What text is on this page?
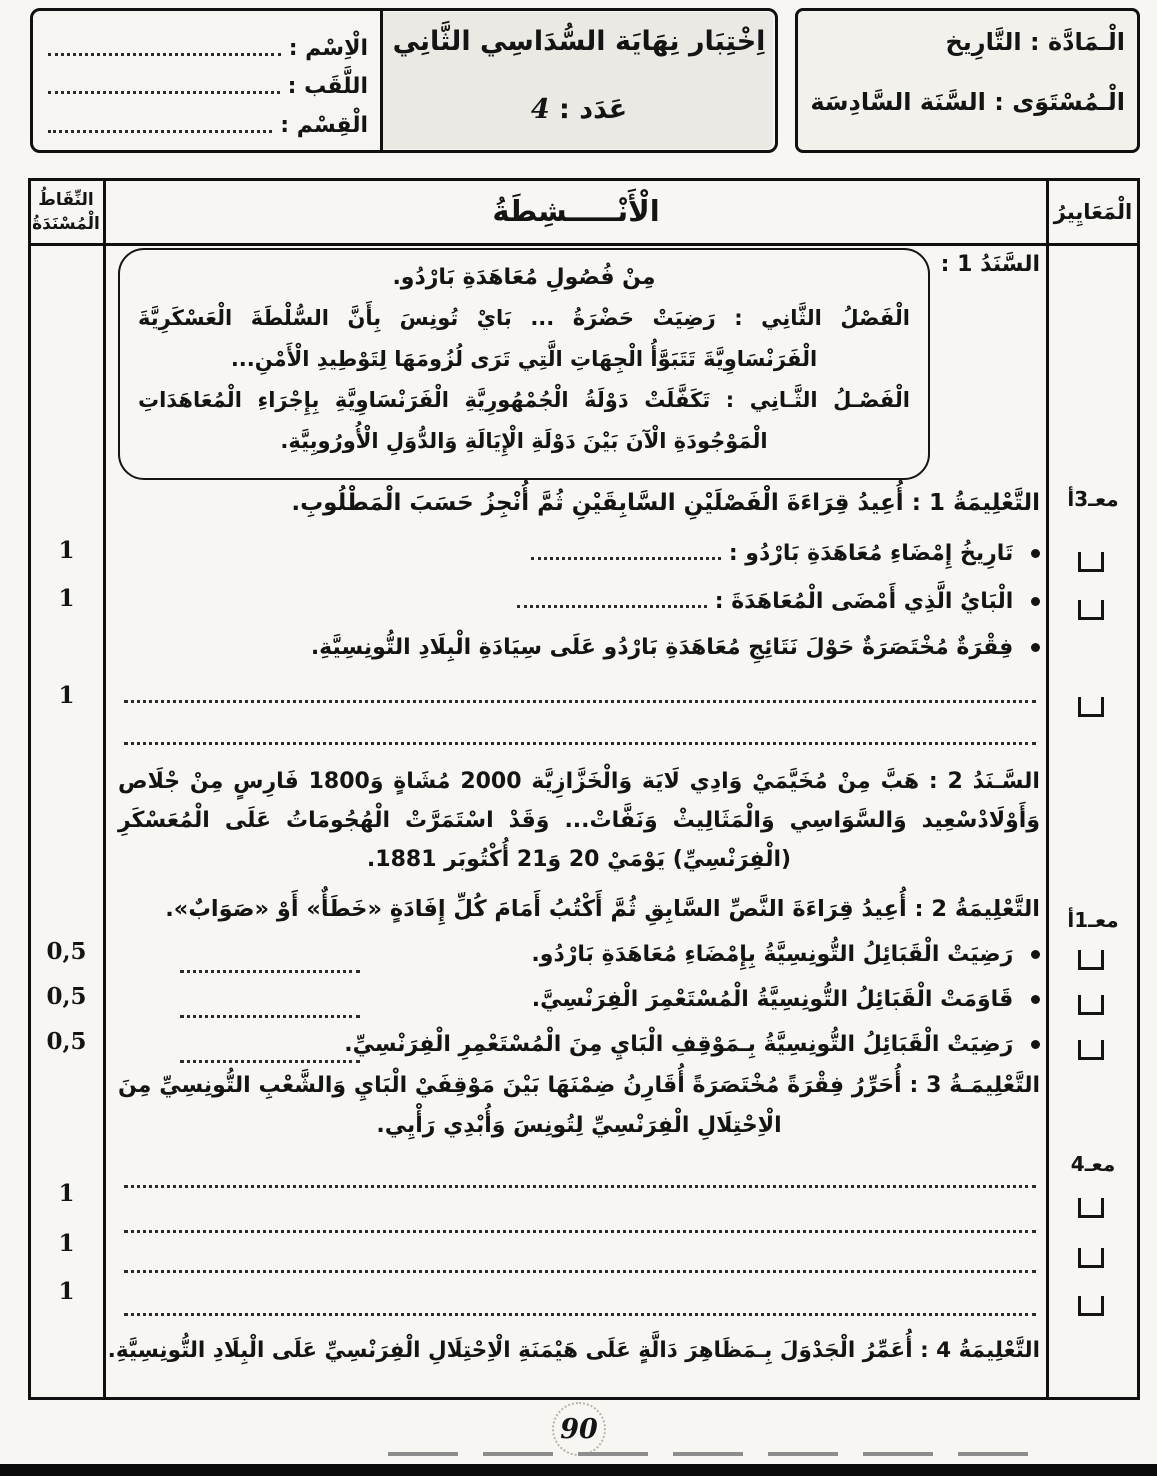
الْاِسْم :
اللَّقَب :
الْقِسْم :
اِخْتِبَار نِهَايَة السُّدَاسِي الثَّانِي
عَدَد : 4
الْـمَادَّة : التَّارِيخ
الْـمُسْتَوَى : السَّنَة السَّادِسَة
النِّقَاطُ
الْمُسْنَدَةُ	الْأَنْـــــشِطَةُ	الْمَعَايِيرُ
السَّنَدُ 1 :
مِنْ فُصُولِ مُعَاهَدَةِ بَارْدُو.

الْفَصْلُ الثَّانِي : رَضِيَتْ حَضْرَةُ ... بَايْ تُونِسَ بِأَنَّ السُّلْطَةَ الْعَسْكَرِيَّةَ الْفَرَنْسَاوِيَّةَ تَتَبَوَّأُ الْجِهَاتِ الَّتِي تَرَى لُزُومَهَا لِتَوْطِيدِ الْأَمْنِ...

الْفَصْـلُ الثَّـانِي : تَكَفَّلَتْ دَوْلَةُ الْجُمْهُورِيَّةِ الْفَرَنْسَاوِيَّةِ بِإِجْرَاءِ الْمُعَاهَدَاتِ الْمَوْجُودَةِ الْآنَ بَيْنَ دَوْلَةِ الْإِيَالَةِ وَالدُّوَلِ الْأُورُوبِيَّةِ.

التَّعْلِيمَةُ 1 : أُعِيدُ قِرَاءَةَ الْفَصْلَيْنِ السَّابِقَيْنِ ثُمَّ أُنْجِزُ حَسَبَ الْمَطْلُوبِ.
تَارِيخُ إِمْضَاءِ مُعَاهَدَةِ بَارْدُو :
الْبَايُ الَّذِي أَمْضَى الْمُعَاهَدَةَ :
فِقْرَةٌ مُخْتَصَرَةٌ حَوْلَ نَتَائِجِ مُعَاهَدَةِ بَارْدُو عَلَى سِيَادَةِ الْبِلَادِ التُّونِسِيَّةِ.
السَّـنَدُ 2 : هَبَّ مِنْ مُخَيَّمَيْ وَادِي لَايَة وَالْخَزَّازِيَّة 2000 مُشَاةٍ وَ1800 فَارِسٍ مِنْ جْلَاص وَأَوْلَادْسْعِيد وَالسَّوَاسِي وَالْمَثَالِيثْ وَنَفَّاتْ... وَقَدْ اسْتَمَرَّتْ الْهُجُومَاتُ عَلَى الْمُعَسْكَرِ (الْفِرَنْسِيِّ) يَوْمَيْ 20 وَ21 أُكْتُوبَر 1881.
التَّعْلِيمَةُ 2 : أُعِيدُ قِرَاءَةَ النَّصِّ السَّابِقِ ثُمَّ أَكْتُبُ أَمَامَ كُلِّ إِفَادَةٍ «خَطَأٌ» أَوْ «صَوَابٌ».
رَضِيَتْ الْقَبَائِلُ التُّونِسِيَّةُ بِإِمْضَاءِ مُعَاهَدَةِ بَارْدُو.
قَاوَمَتْ الْقَبَائِلُ التُّونِسِيَّةُ الْمُسْتَعْمِرَ الْفِرَنْسِيَّ.
رَضِيَتْ الْقَبَائِلُ التُّونِسِيَّةُ بِـمَوْقِفِ الْبَايِ مِنَ الْمُسْتَعْمِرِ الْفِرَنْسِيِّ.
التَّعْلِيمَـةُ 3 : أُحَرِّرُ فِقْرَةً مُخْتَصَرَةً أُقَارِنُ ضِمْنَهَا بَيْنَ مَوْقِفَيْ الْبَايِ وَالشَّعْبِ التُّونِسِيِّ مِنَ الْاِحْتِلَالِ الْفِرَنْسِيِّ لِتُونِسَ وَأُبْدِي رَأْيِي.
التَّعْلِيمَةُ 4 : أُعَمِّرُ الْجَدْوَلَ بِـمَظَاهِرَ دَالَّةٍ عَلَى هَيْمَنَةِ الْاِحْتِلَالِ الْفِرَنْسِيِّ عَلَى الْبِلَادِ التُّونِسِيَّةِ.
1
1
1
0,5
0,5
0,5
1
1
1
معـ3أ
معـ1أ
معـ4
90
